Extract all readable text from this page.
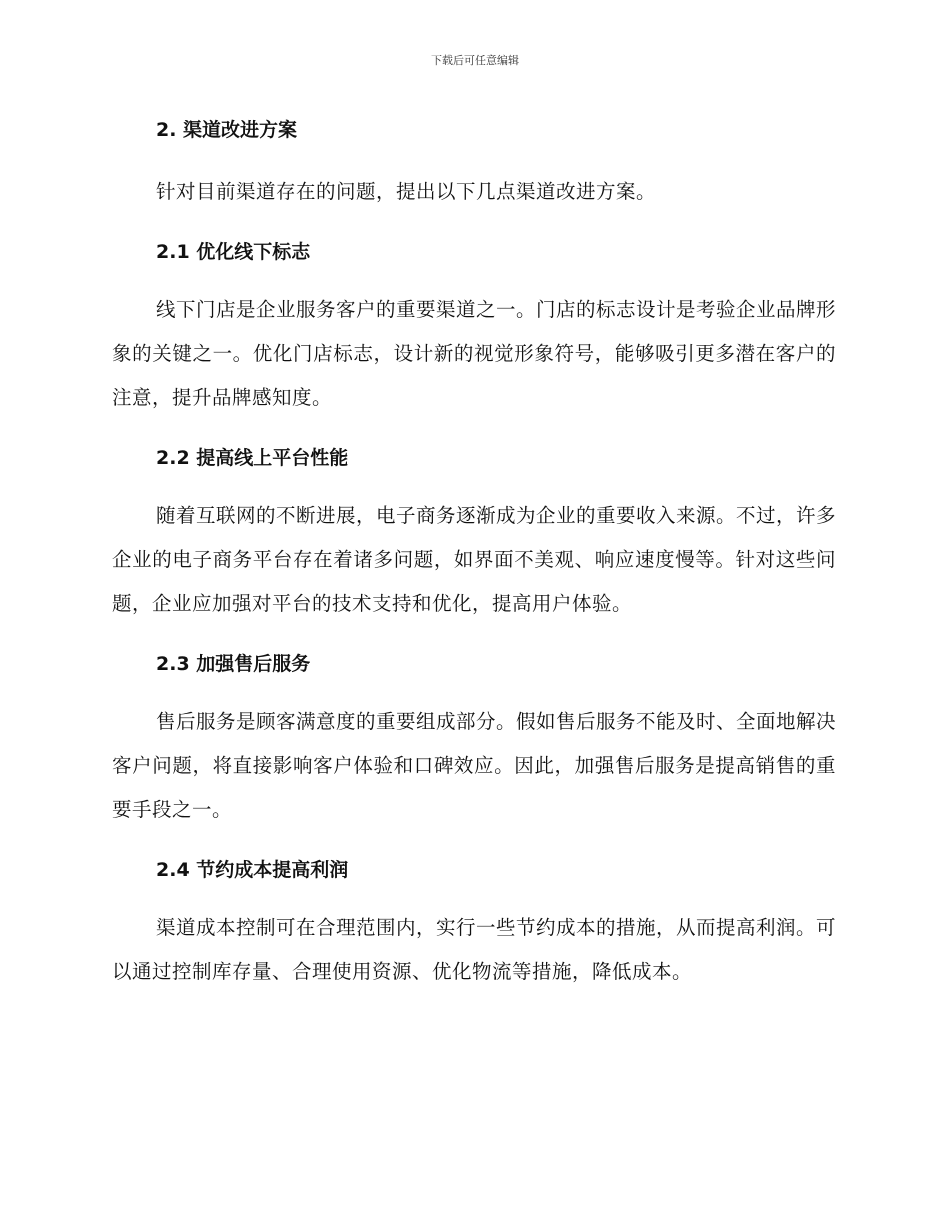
下载后可任意编辑
2. 渠道改进方案

针对目前渠道存在的问题，提出以下几点渠道改进方案。

2.1 优化线下标志

线下门店是企业服务客户的重要渠道之一。门店的标志设计是考验企业品牌形象的关键之一。优化门店标志，设计新的视觉形象符号，能够吸引更多潜在客户的注意，提升品牌感知度。

2.2 提高线上平台性能

随着互联网的不断进展，电子商务逐渐成为企业的重要收入来源。不过，许多企业的电子商务平台存在着诸多问题，如界面不美观、响应速度慢等。针对这些问题，企业应加强对平台的技术支持和优化，提高用户体验。

2.3 加强售后服务

售后服务是顾客满意度的重要组成部分。假如售后服务不能及时、全面地解决客户问题，将直接影响客户体验和口碑效应。因此，加强售后服务是提高销售的重要手段之一。

2.4 节约成本提高利润

渠道成本控制可在合理范围内，实行一些节约成本的措施，从而提高利润。可以通过控制库存量、合理使用资源、优化物流等措施，降低成本。
